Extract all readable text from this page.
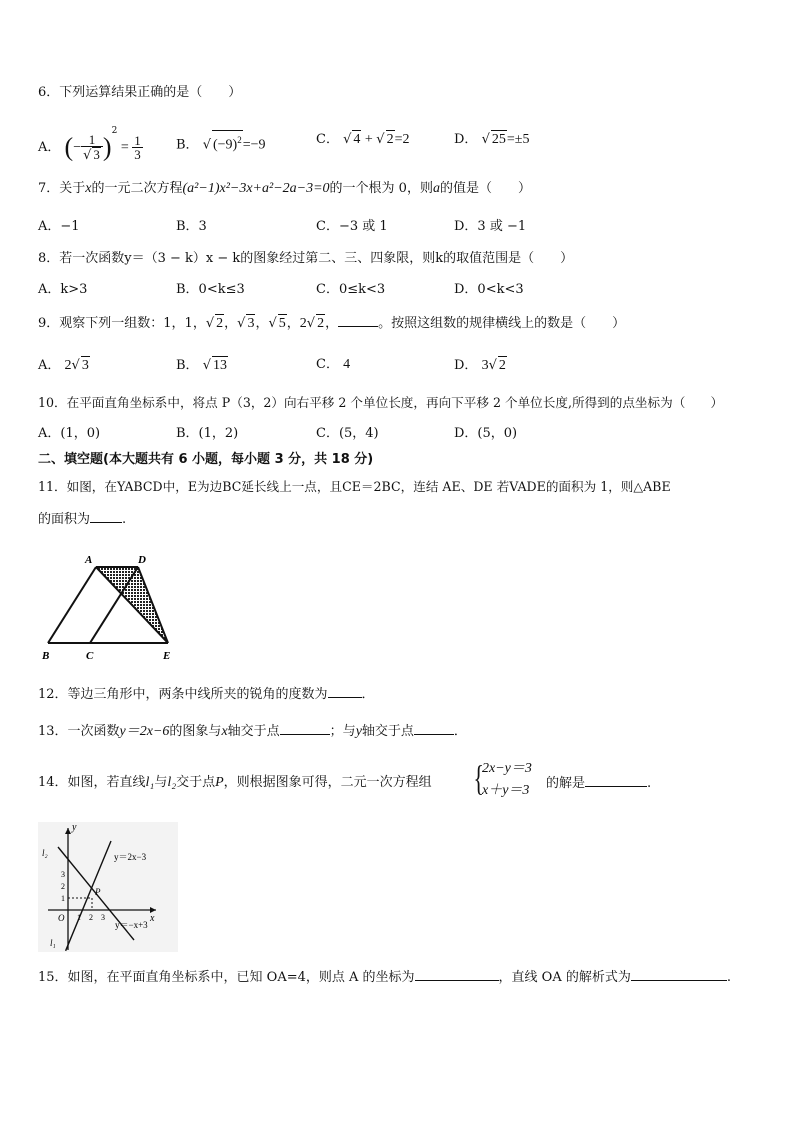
6．下列运算结果正确的是（　　）
A． (− $\frac{1}{√ 3} )^2 = \frac{1}{3}$	B． √ $(-9)^2=-9$	C． √ 4 + √ 2=2	D． √ 25=±5
7．关于x的一元二次方程(a²−1)x²−3x+a²−2a−3=0的一个根为 0，则a的值是（　　）
A．−1	B．3	C．−3 或 1	D．3 或 −1
8．若一次函数y＝（3 − k）x − k的图象经过第二、三、四象限，则k的取值范围是（　　）
A．k>3	B．0<k≤3	C．0≤k<3	D．0<k<3
9．观察下列一组数：1，1，√ 2，√ 3，√ 5，2√ 2，	。按照这组数的规律横线上的数是（　　）
A． 2√ 3	B． √ 13	C． 4	D． 3√ 2
10．在平面直角坐标系中，将点 P（3，2）向右平移 2 个单位长度，再向下平移 2 个单位长度,所得到的点坐标为（　　）
A．(1，0)	B．(1，2)	C．(5，4)	D．(5，0)
二、填空题(本大题共有 6 小题，每小题 3 分，共 18 分)
11．如图，在YABCD中，E为边BC延长线上一点，且CE＝2BC，连结 AE、DE 若VADE的面积为 1，则△ABE
的面积为 .
A	D
B	C	E
12．等边三角形中，两条中线所夹的锐角的度数为	．
13．一次函数y＝2x−6的图象与x轴交于点	；与y轴交于点	．
14．如图，若直线l₁与l₂交于点P，则根据图象可得，二元一次方程组 {
2x−y＝3
x＋y＝3 的解是	.
y
x
O
P
y＝2x−3
y＝−x+3
l₂
l₁
1 2 3
1
2
3
15．如图，在平面直角坐标系中，已知 OA=4，则点 A 的坐标为	，直线 OA 的解析式为	.
